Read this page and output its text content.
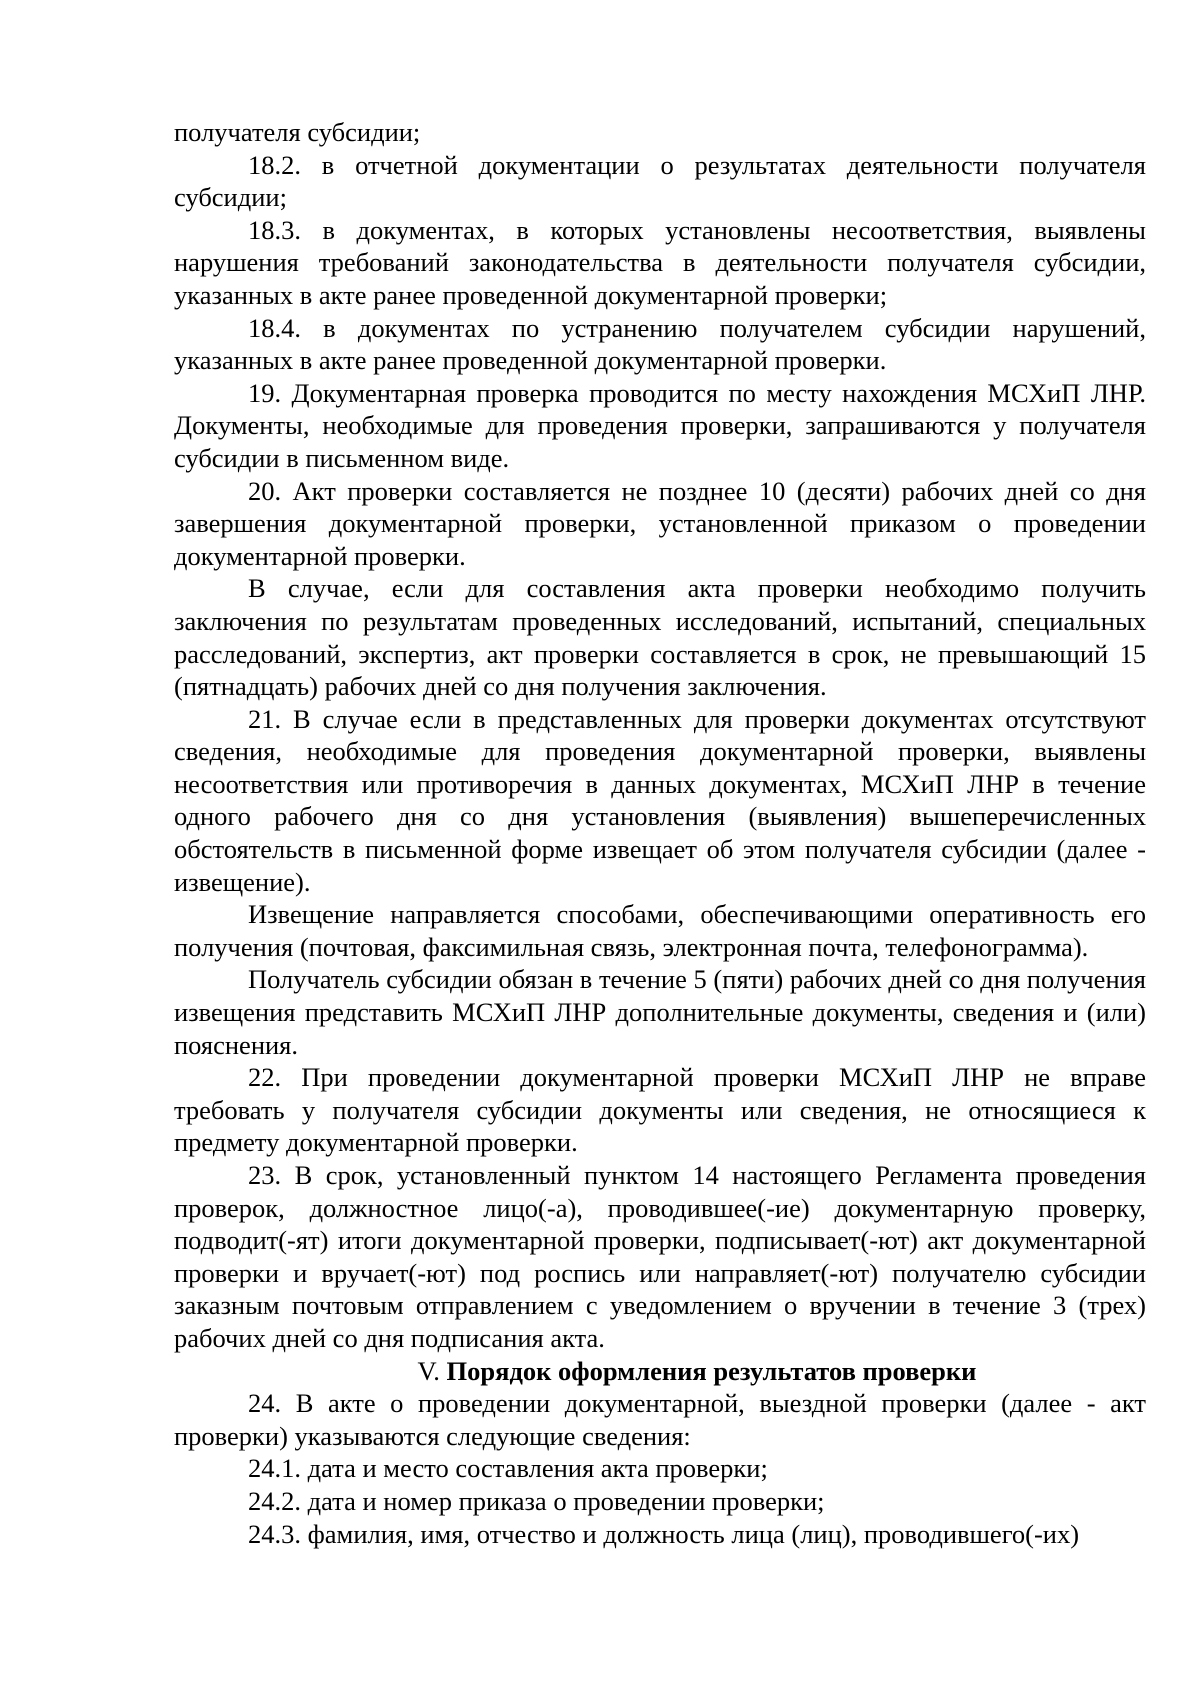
получателя субсидии;

18.2. в отчетной документации о результатах деятельности получателя субсидии;

18.3. в документах, в которых установлены несоответствия, выявлены нарушения требований законодательства в деятельности получателя субсидии, указанных в акте ранее проведенной документарной проверки;

18.4. в документах по устранению получателем субсидии нарушений, указанных в акте ранее проведенной документарной проверки.

19. Документарная проверка проводится по месту нахождения МСХиП ЛНР. Документы, необходимые для проведения проверки, запрашиваются у получателя субсидии в письменном виде.

20. Акт проверки составляется не позднее 10 (десяти) рабочих дней со дня завершения документарной проверки, установленной приказом о проведении документарной проверки.

В случае, если для составления акта проверки необходимо получить заключения по результатам проведенных исследований, испытаний, специальных расследований, экспертиз, акт проверки составляется в срок, не превышающий 15 (пятнадцать) рабочих дней со дня получения заключения.

21. В случае если в представленных для проверки документах отсутствуют сведения, необходимые для проведения документарной проверки, выявлены несоответствия или противоречия в данных документах, МСХиП ЛНР в течение одного рабочего дня со дня установления (выявления) вышеперечисленных обстоятельств в письменной форме извещает об этом получателя субсидии (далее - извещение).

Извещение направляется способами, обеспечивающими оперативность его получения (почтовая, факсимильная связь, электронная почта, телефонограмма).

Получатель субсидии обязан в течение 5 (пяти) рабочих дней со дня получения извещения представить МСХиП ЛНР дополнительные документы, сведения и (или) пояснения.

22. При проведении документарной проверки МСХиП ЛНР не вправе требовать у получателя субсидии документы или сведения, не относящиеся к предмету документарной проверки.

23. В срок, установленный пунктом 14 настоящего Регламента проведения проверок, должностное лицо(-а), проводившее(-ие) документарную проверку, подводит(-ят) итоги документарной проверки, подписывает(-ют) акт документарной проверки и вручает(-ют) под роспись или направляет(-ют) получателю субсидии заказным почтовым отправлением с уведомлением о вручении в течение 3 (трех) рабочих дней со дня подписания акта.

V. Порядок оформления результатов проверки

24. В акте о проведении документарной, выездной проверки (далее - акт проверки) указываются следующие сведения:

24.1. дата и место составления акта проверки;

24.2. дата и номер приказа о проведении проверки;

24.3. фамилия, имя, отчество и должность лица (лиц), проводившего(-их)
